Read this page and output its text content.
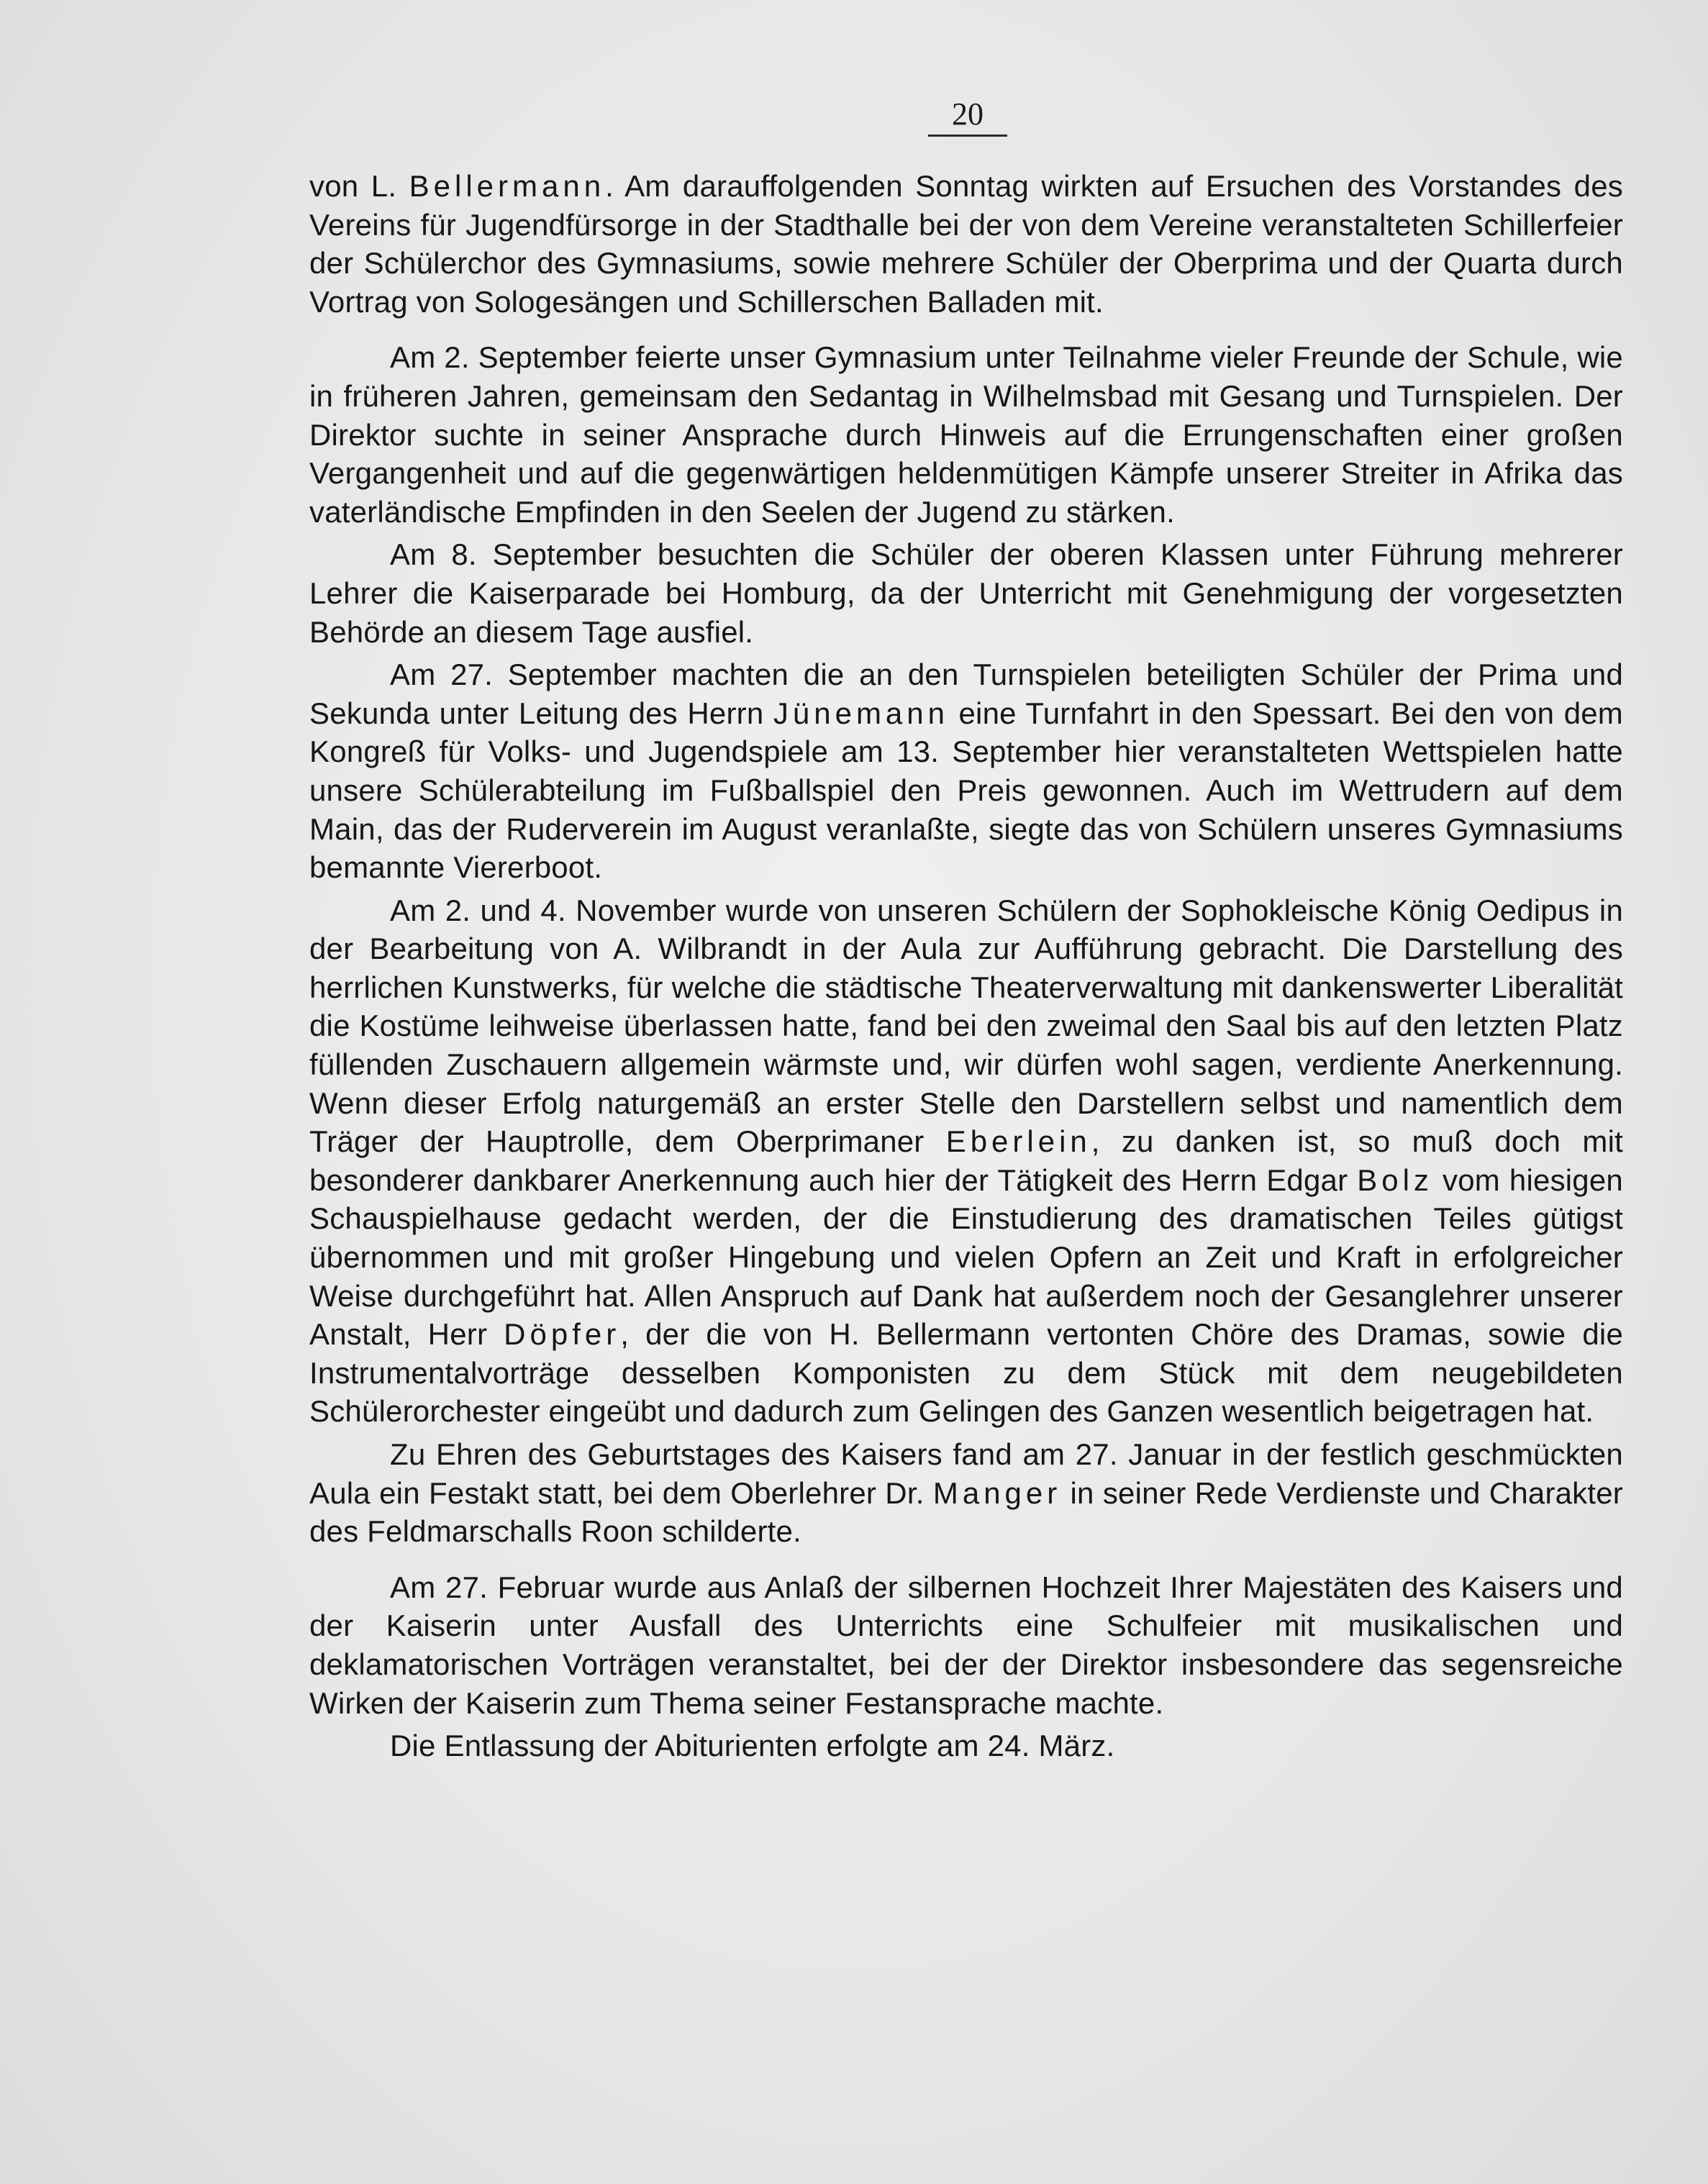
20

von L. Bellermann. Am darauffolgenden Sonntag wirkten auf Ersuchen des Vorstandes des Vereins für Jugendfürsorge in der Stadthalle bei der von dem Vereine veranstalteten Schillerfeier der Schülerchor des Gymnasiums, sowie mehrere Schüler der Oberprima und der Quarta durch Vortrag von Sologesängen und Schillerschen Balladen mit.

Am 2. September feierte unser Gymnasium unter Teilnahme vieler Freunde der Schule, wie in früheren Jahren, gemeinsam den Sedantag in Wilhelmsbad mit Gesang und Turnspielen. Der Direktor suchte in seiner Ansprache durch Hinweis auf die Errungenschaften einer großen Vergangenheit und auf die gegenwärtigen heldenmütigen Kämpfe unserer Streiter in Afrika das vaterländische Empfinden in den Seelen der Jugend zu stärken.

Am 8. September besuchten die Schüler der oberen Klassen unter Führung mehrerer Lehrer die Kaiserparade bei Homburg, da der Unterricht mit Genehmigung der vorgesetzten Behörde an diesem Tage ausfiel.

Am 27. September machten die an den Turnspielen beteiligten Schüler der Prima und Sekunda unter Leitung des Herrn Jünemann eine Turnfahrt in den Spessart. Bei den von dem Kongreß für Volks- und Jugendspiele am 13. September hier veranstalteten Wettspielen hatte unsere Schülerabteilung im Fußballspiel den Preis gewonnen. Auch im Wettrudern auf dem Main, das der Ruderverein im August veranlaßte, siegte das von Schülern unseres Gymnasiums bemannte Viererboot.

Am 2. und 4. November wurde von unseren Schülern der Sophokleische König Oedipus in der Bearbeitung von A. Wilbrandt in der Aula zur Aufführung gebracht. Die Darstellung des herrlichen Kunstwerks, für welche die städtische Theaterverwaltung mit dankenswerter Liberalität die Kostüme leihweise überlassen hatte, fand bei den zweimal den Saal bis auf den letzten Platz füllenden Zuschauern allgemein wärmste und, wir dürfen wohl sagen, verdiente Anerkennung. Wenn dieser Erfolg naturgemäß an erster Stelle den Darstellern selbst und namentlich dem Träger der Hauptrolle, dem Oberprimaner Eberlein, zu danken ist, so muß doch mit besonderer dankbarer Anerkennung auch hier der Tätigkeit des Herrn Edgar Bolz vom hiesigen Schauspielhause gedacht werden, der die Einstudierung des dramatischen Teiles gütigst übernommen und mit großer Hingebung und vielen Opfern an Zeit und Kraft in erfolgreicher Weise durchgeführt hat. Allen Anspruch auf Dank hat außerdem noch der Gesanglehrer unserer Anstalt, Herr Döpfer, der die von H. Bellermann vertonten Chöre des Dramas, sowie die Instrumentalvorträge desselben Komponisten zu dem Stück mit dem neugebildeten Schülerorchester eingeübt und dadurch zum Gelingen des Ganzen wesentlich beigetragen hat.

Zu Ehren des Geburtstages des Kaisers fand am 27. Januar in der festlich geschmückten Aula ein Festakt statt, bei dem Oberlehrer Dr. Manger in seiner Rede Verdienste und Charakter des Feldmarschalls Roon schilderte.

Am 27. Februar wurde aus Anlaß der silbernen Hochzeit Ihrer Majestäten des Kaisers und der Kaiserin unter Ausfall des Unterrichts eine Schulfeier mit musikalischen und deklamatorischen Vorträgen veranstaltet, bei der der Direktor insbesondere das segensreiche Wirken der Kaiserin zum Thema seiner Festansprache machte.

Die Entlassung der Abiturienten erfolgte am 24. März.
